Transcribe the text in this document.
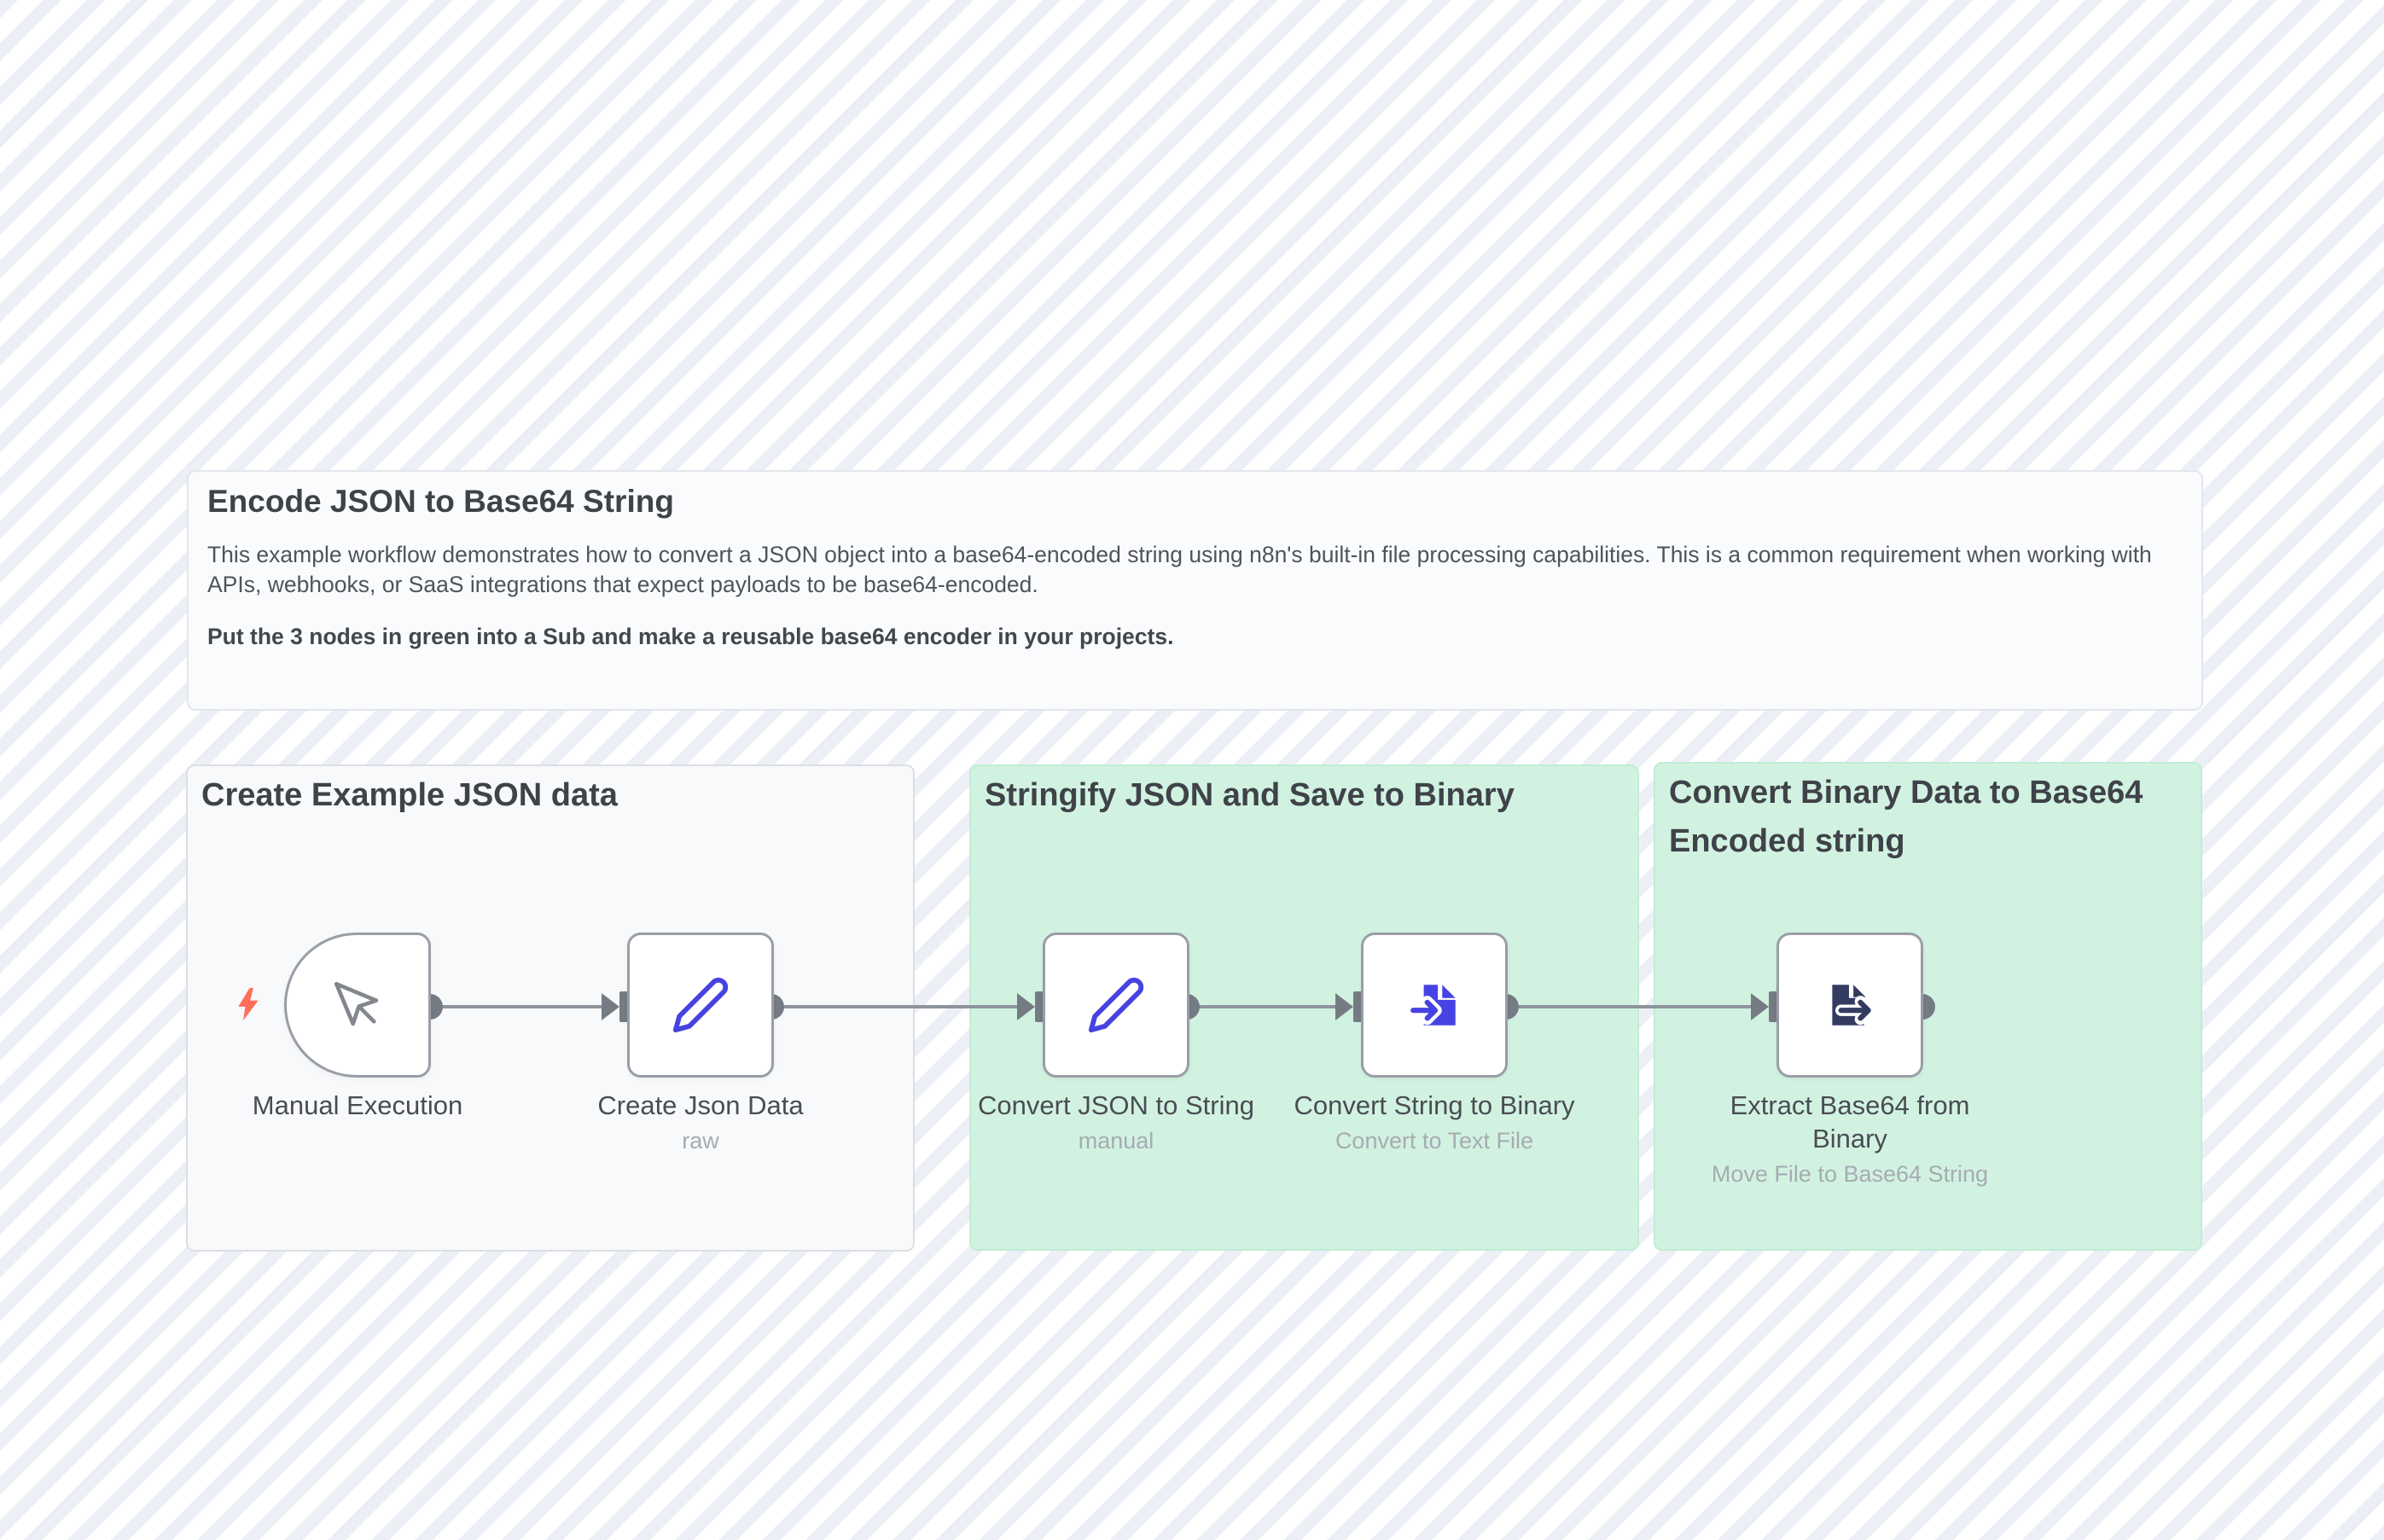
Encode JSON to Base64 String

This example workflow demonstrates how to convert a JSON object into a base64-encoded string using n8n's built-in file processing capabilities. This is a common requirement when working with APIs, webhooks, or SaaS integrations that expect payloads to be base64-encoded.

Put the 3 nodes in green into a Sub and make a reusable base64 encoder in your projects.

Create Example JSON data	Stringify JSON and Save to Binary	Convert Binary Data to Base64 Encoded string
Manual Execution	Create Json Data
raw
Convert JSON to String
manual
Convert String to Binary
Convert to Text File
Extract Base64 from Binary
Move File to Base64 String
